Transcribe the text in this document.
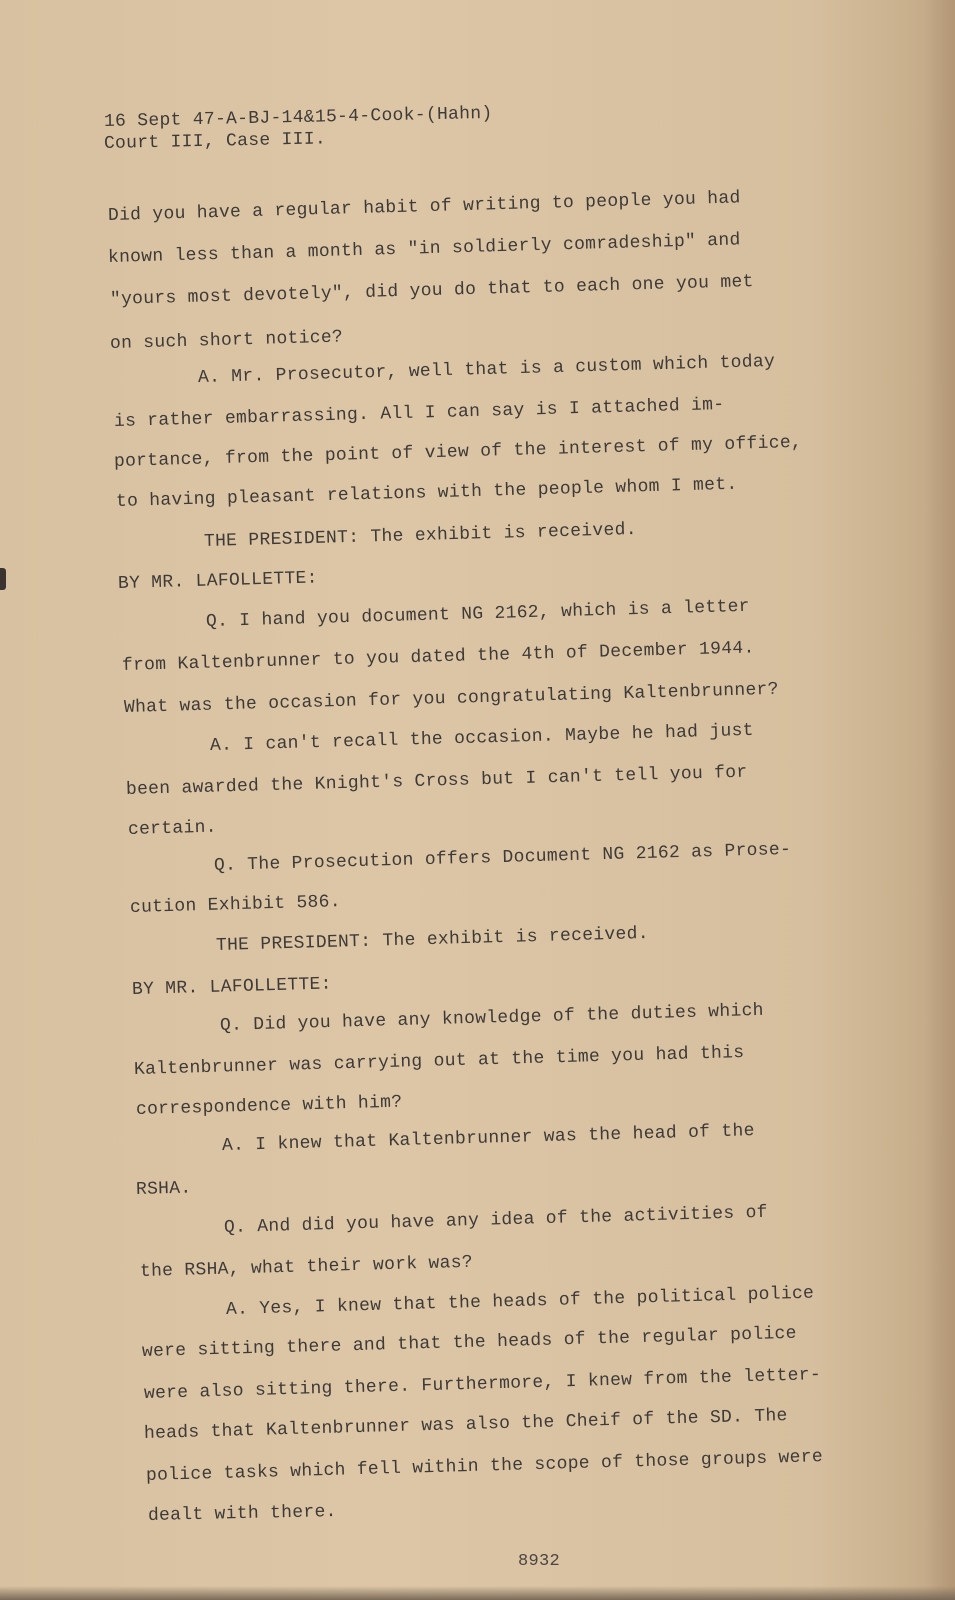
16 Sept 47-A-BJ-14&15-4-Cook-(Hahn)
Court III, Case III.
Did you have a regular habit of writing to people you had
known less than a month as "in soldierly comradeship" and
"yours most devotely", did you do that to each one you met
on such short notice?
A. Mr. Prosecutor, well that is a custom which today
is rather embarrassing. All I can say is I attached im-
portance, from the point of view of the interest of my office,
to having pleasant relations with the people whom I met.
THE PRESIDENT: The exhibit is received.
BY MR. LAFOLLETTE:
Q. I hand you document NG 2162, which is a letter
from Kaltenbrunner to you dated the 4th of December 1944.
What was the occasion for you congratulating Kaltenbrunner?
A. I can't recall the occasion. Maybe he had just
been awarded the Knight's Cross but I can't tell you for
certain.
Q. The Prosecution offers Document NG 2162 as Prose-
cution Exhibit 586.
THE PRESIDENT: The exhibit is received.
BY MR. LAFOLLETTE:
Q. Did you have any knowledge of the duties which
Kaltenbrunner was carrying out at the time you had this
correspondence with him?
A. I knew that Kaltenbrunner was the head of the
RSHA.
Q. And did you have any idea of the activities of
the RSHA, what their work was?
A. Yes, I knew that the heads of the political police
were sitting there and that the heads of the regular police
were also sitting there. Furthermore, I knew from the letter-
heads that Kaltenbrunner was also the Cheif of the SD. The
police tasks which fell within the scope of those groups were
dealt with there.
8932
